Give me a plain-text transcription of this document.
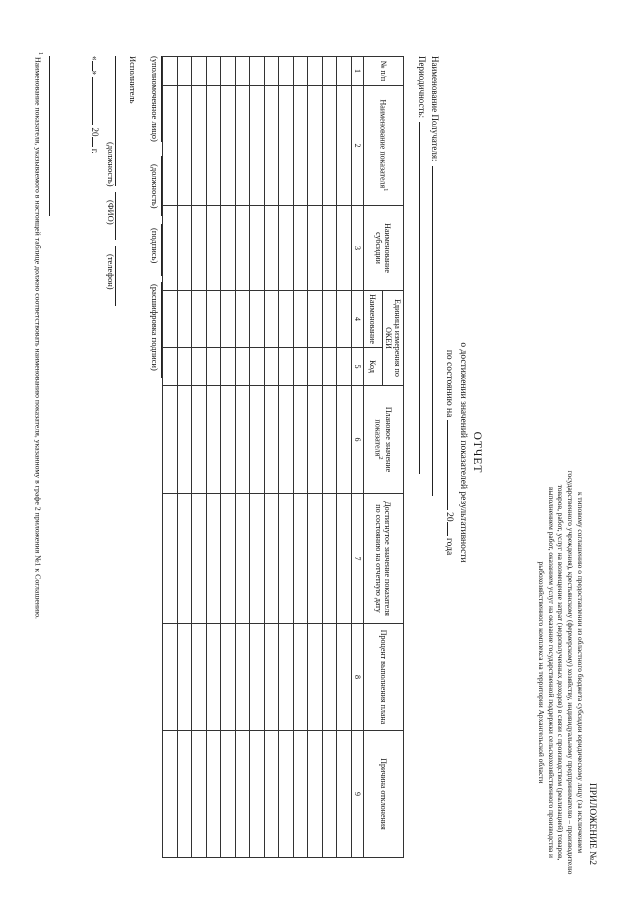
ПРИЛОЖЕНИЕ №2
к типовому соглашению о предоставлении из областного бюджета субсидии юридическому лицу (за исключением государственного учреждения), крестьянскому (фермерскому) хозяйству, индивидуальному предпринимателю – производителю товаров, работ, услуг на возмещение затрат (недополученных доходов) в связи с производством (реализацией) товаров, выполнением работ, оказанием услуг на оказание государственной поддержки сельскохозяйственного производства и рыбохозяйственного комплекса на территории Архангельской области
ОТЧЕТ
о достижении значений показателей результативности
по состоянию на  20 года
Наименование Получателя:
Периодичность:
№ п/п	Наименование показателя$^1$	Наименование субсидии	Единица измерения по ОКЕИ		Плановое значение показателя$^2$	Достигнутое значение показателя по состоянию на отчетную дату	Процент выполнения плана	Причина отклонения
			Наименование	Код				
1	2	3	4	5	6	7	8	9

(уполномоченное лицо)
(должность)
(подпись)
(расшифровка подписи)
Исполнитель
(должность)
(ФИО)
(телефон)
«»  20 г.
$^1$ Наименование показателя, указываемого в настоящей таблице должно соответствовать наименованию показателя, указанному в графе 2 приложения №1 к Соглашению.
